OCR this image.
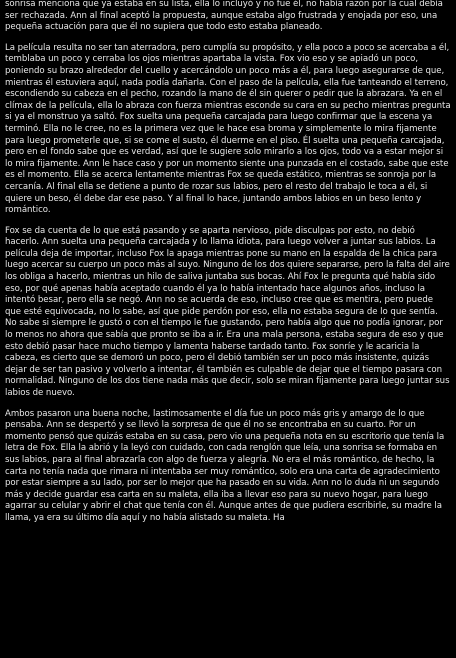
sonrisa menciona que ya estaba en su lista, ella lo incluyó y no fue él, no había razón por la cual debía ser rechazada. Ann al final aceptó la propuesta, aunque estaba algo frustrada y enojada por eso, una pequeña actuación para que él no supiera que todo esto estaba planeado.

La película resulta no ser tan aterradora, pero cumplía su propósito, y ella poco a poco se acercaba a él, temblaba un poco y cerraba los ojos mientras apartaba la vista. Fox vio eso y se apiadó un poco, poniendo su brazo alrededor del cuello y acercándolo un poco más a él, para luego asegurarse de que, mientras él estuviera aquí, nada podía dañarla. Con el paso de la película, ella fue tanteando el terreno, escondiendo su cabeza en el pecho, rozando la mano de él sin querer o pedir que la abrazara. Ya en el clímax de la película, ella lo abraza con fuerza mientras esconde su cara en su pecho mientras pregunta si ya el monstruo ya saltó. Fox suelta una pequeña carcajada para luego confirmar que la escena ya terminó. Ella no le cree, no es la primera vez que le hace esa broma y simplemente lo mira fijamente para luego prometerle que, si se come el susto, él duerme en el piso. Él suelta una pequeña carcajada, pero en el fondo sabe que es verdad, así que le sugiere solo mirarlo a los ojos, todo va a estar mejor si lo mira fijamente. Ann le hace caso y por un momento siente una punzada en el costado, sabe que este es el momento. Ella se acerca lentamente mientras Fox se queda estático, mientras se sonroja por la cercanía. Al final ella se detiene a punto de rozar sus labios, pero el resto del trabajo le toca a él, si quiere un beso, él debe dar ese paso. Y al final lo hace, juntando ambos labios en un beso lento y romántico.

Fox se da cuenta de lo que está pasando y se aparta nervioso, pide disculpas por esto, no debió hacerlo. Ann suelta una pequeña carcajada y lo llama idiota, para luego volver a juntar sus labios. La película deja de importar, incluso Fox la apaga mientras pone su mano en la espalda de la chica para luego acercar su cuerpo un poco más al suyo. Ninguno de los dos quiere separarse, pero la falta del aire los obliga a hacerlo, mientras un hilo de saliva juntaba sus bocas. Ahí Fox le pregunta qué había sido eso, por qué apenas había aceptado cuando él ya lo había intentado hace algunos años, incluso la intentó besar, pero ella se negó. Ann no se acuerda de eso, incluso cree que es mentira, pero puede que esté equivocada, no lo sabe, así que pide perdón por eso, ella no estaba segura de lo que sentía. No sabe si siempre le gustó o con el tiempo le fue gustando, pero había algo que no podía ignorar, por lo menos no ahora que sabía que pronto se iba a ir. Era una mala persona, estaba segura de eso y que esto debió pasar hace mucho tiempo y lamenta haberse tardado tanto. Fox sonríe y le acaricia la cabeza, es cierto que se demoró un poco, pero él debió también ser un poco más insistente, quizás dejar de ser tan pasivo y volverlo a intentar, él también es culpable de dejar que el tiempo pasara con normalidad. Ninguno de los dos tiene nada más que decir, solo se miran fijamente para luego juntar sus labios de nuevo.

Ambos pasaron una buena noche, lastimosamente el día fue un poco más gris y amargo de lo que pensaba. Ann se despertó y se llevó la sorpresa de que él no se encontraba en su cuarto. Por un momento pensó que quizás estaba en su casa, pero vio una pequeña nota en su escritorio que tenía la letra de Fox. Ella la abrió y la leyó con cuidado, con cada renglón que leía, una sonrisa se formaba en sus labios, para al final abrazarla con algo de fuerza y alegría. No era el más romántico, de hecho, la carta no tenía nada que rimara ni intentaba ser muy romántico, solo era una carta de agradecimiento por estar siempre a su lado, por ser lo mejor que ha pasado en su vida. Ann no lo duda ni un segundo más y decide guardar esa carta en su maleta, ella iba a llevar eso para su nuevo hogar, para luego agarrar su celular y abrir el chat que tenía con él. Aunque antes de que pudiera escribirle, su madre la llama, ya era su último día aquí y no había alistado su maleta. Ha
